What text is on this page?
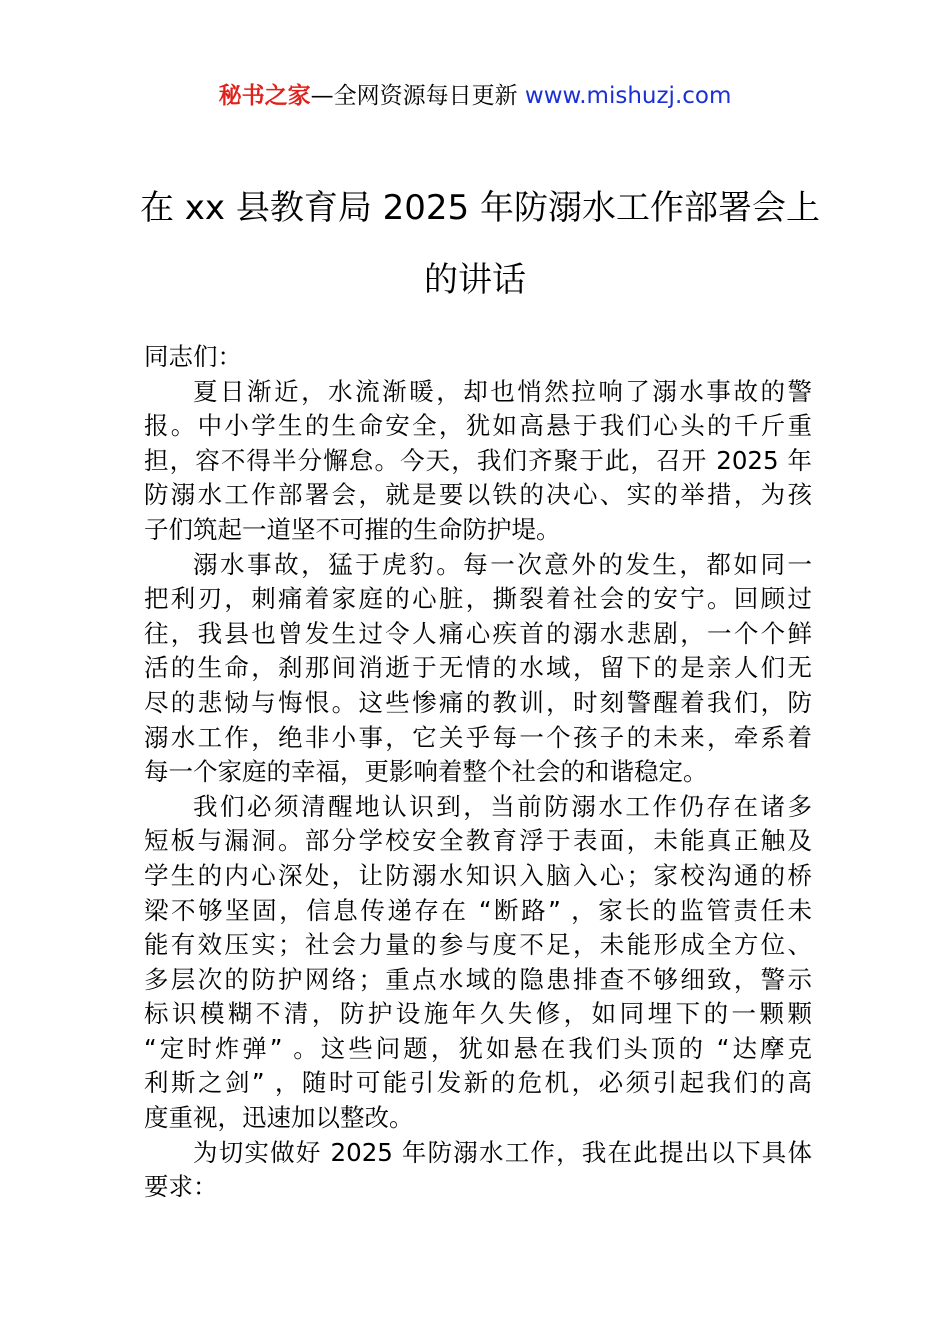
秘书之家—全网资源每日更新 www.mishuzj.com
在 xx 县教育局 2025 年防溺水工作部署会上
的讲话

同志们：

夏日渐近，水流渐暖，却也悄然拉响了溺水事故的警
报。中小学生的生命安全，犹如高悬于我们心头的千斤重
担，容不得半分懈怠。今天，我们齐聚于此，召开 2025 年
防溺水工作部署会，就是要以铁的决心、实的举措，为孩
子们筑起一道坚不可摧的生命防护堤。

溺水事故，猛于虎豹。每一次意外的发生，都如同一
把利刃，刺痛着家庭的心脏，撕裂着社会的安宁。回顾过
往，我县也曾发生过令人痛心疾首的溺水悲剧，一个个鲜
活的生命，刹那间消逝于无情的水域，留下的是亲人们无
尽的悲恸与悔恨。这些惨痛的教训，时刻警醒着我们，防
溺水工作，绝非小事，它关乎每一个孩子的未来，牵系着
每一个家庭的幸福，更影响着整个社会的和谐稳定。

我们必须清醒地认识到，当前防溺水工作仍存在诸多
短板与漏洞。部分学校安全教育浮于表面，未能真正触及
学生的内心深处，让防溺水知识入脑入心；家校沟通的桥
梁不够坚固，信息传递存在 “断路” ，家长的监管责任未
能有效压实；社会力量的参与度不足，未能形成全方位、
多层次的防护网络；重点水域的隐患排查不够细致，警示
标识模糊不清，防护设施年久失修，如同埋下的一颗颗
“定时炸弹” 。这些问题，犹如悬在我们头顶的 “达摩克
利斯之剑” ，随时可能引发新的危机，必须引起我们的高
度重视，迅速加以整改。

为切实做好 2025 年防溺水工作，我在此提出以下具体
要求：
